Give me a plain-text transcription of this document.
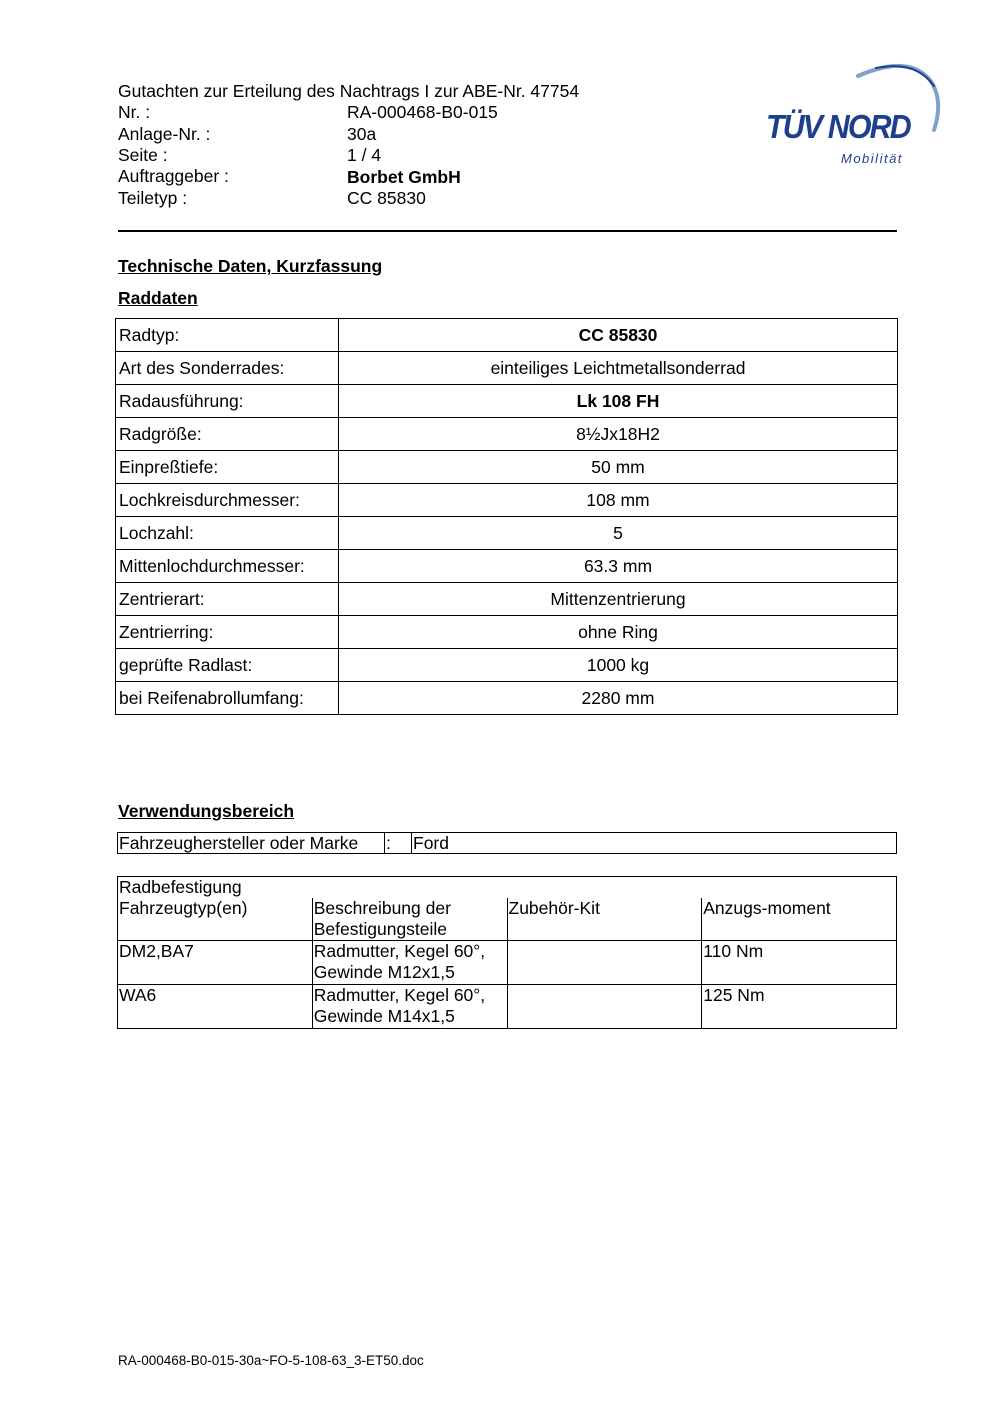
Gutachten zur Erteilung des Nachtrags I zur ABE-Nr. 47754
Nr. :	RA-000468-B0-015
Anlage-Nr. :	30a
Seite :	1 / 4
Auftraggeber :	Borbet GmbH
Teiletyp :	CC 85830
TÜV NORD
Mobilität
Technische Daten, Kurzfassung
Raddaten
Radtyp:	CC 85830
Art des Sonderrades:	einteiliges Leichtmetallsonderrad
Radausführung:	Lk 108 FH
Radgröße:	8½Jx18H2
Einpreßtiefe:	50 mm
Lochkreisdurchmesser:	108 mm
Lochzahl:	5
Mittenlochdurchmesser:	63.3 mm
Zentrierart:	Mittenzentrierung
Zentrierring:	ohne Ring
geprüfte Radlast:	1000 kg
bei Reifenabrollumfang:	2280 mm
Verwendungsbereich
Fahrzeughersteller oder Marke	:	Ford
Radbefestigung			
Fahrzeugtyp(en)	Beschreibung der Befestigungsteile	Zubehör-Kit	Anzugs-moment
DM2,BA7	Radmutter, Kegel 60°, Gewinde M12x1,5		110 Nm
WA6	Radmutter, Kegel 60°, Gewinde M14x1,5		125 Nm
RA-000468-B0-015-30a~FO-5-108-63_3-ET50.doc
